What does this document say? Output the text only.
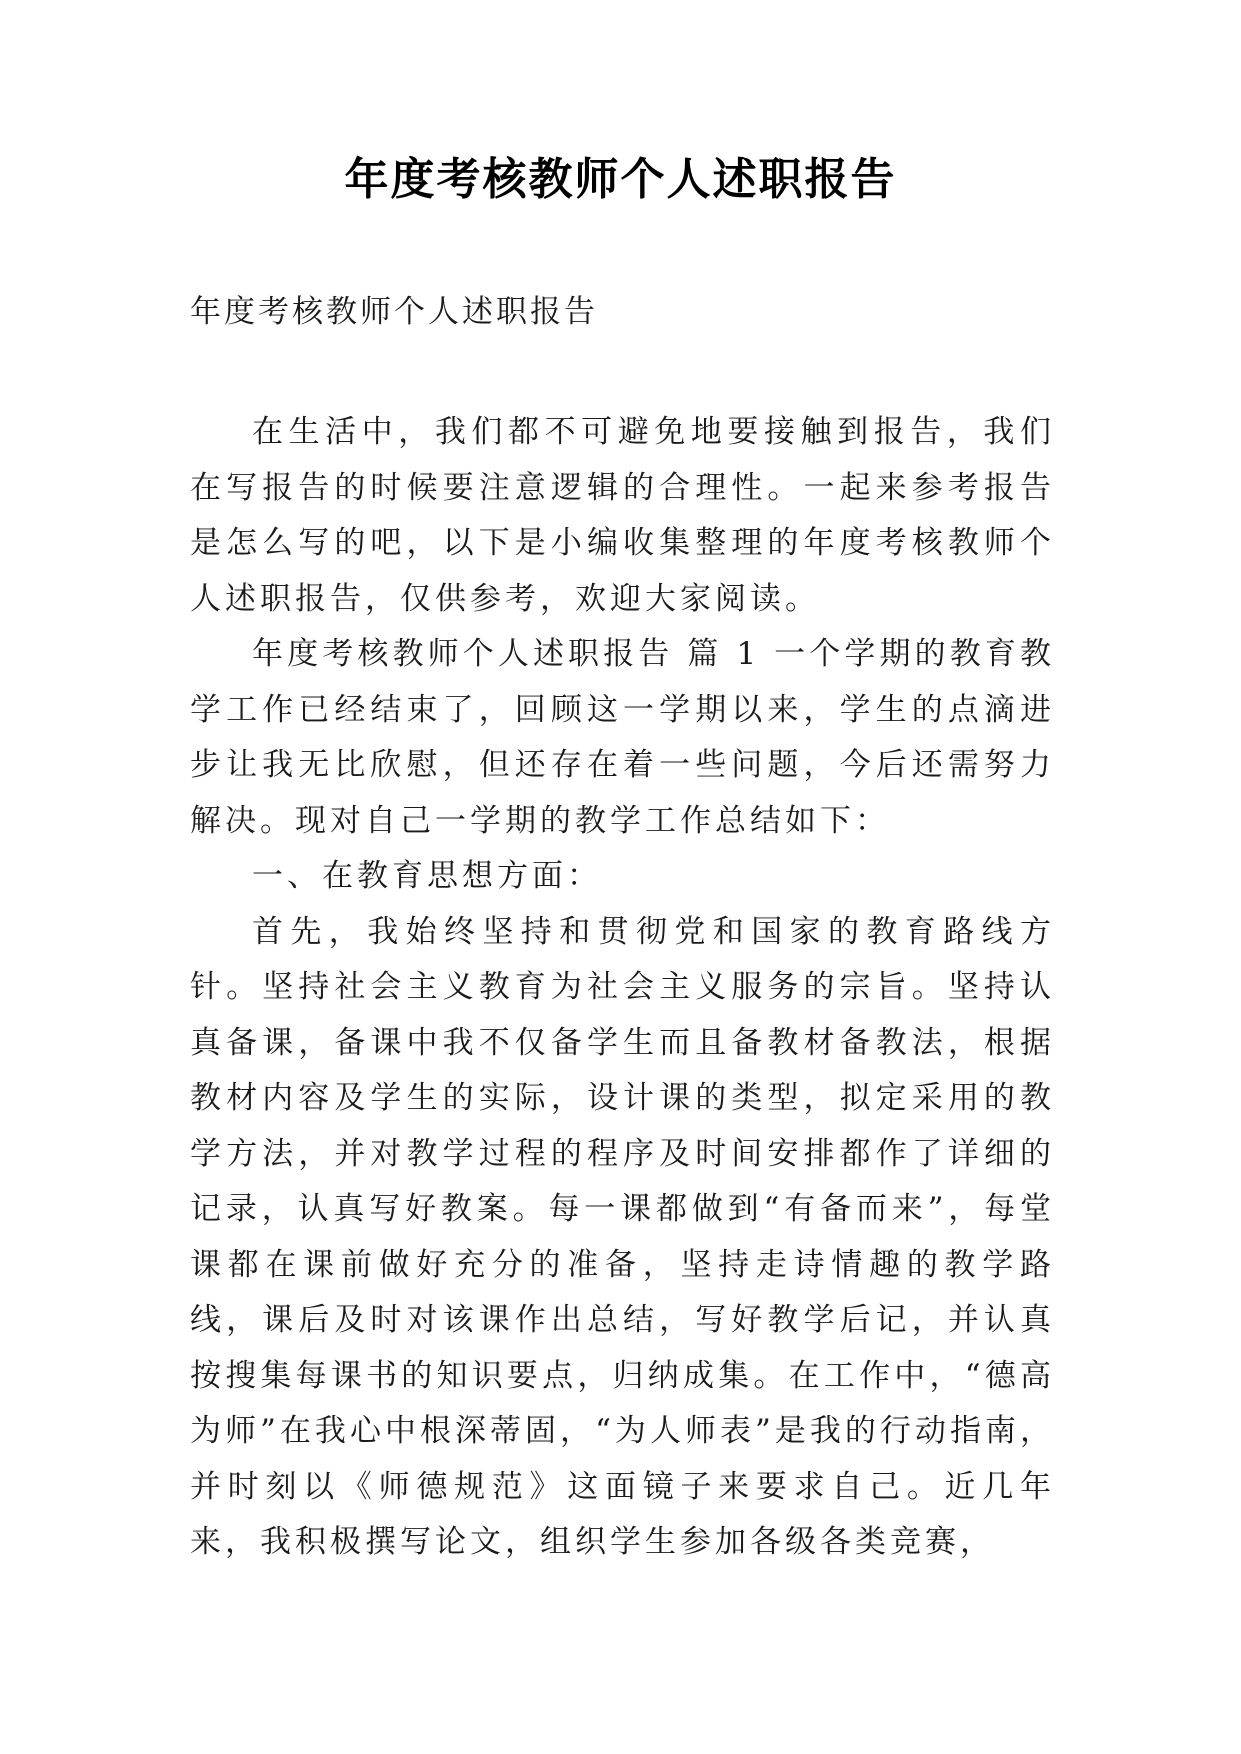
年度考核教师个人述职报告

年度考核教师个人述职报告

在生活中，我们都不可避免地要接触到报告，我们在写报告的时候要注意逻辑的合理性。一起来参考报告是怎么写的吧，以下是小编收集整理的年度考核教师个人述职报告，仅供参考，欢迎大家阅读。

年度考核教师个人述职报告 篇 1 一个学期的教育教学工作已经结束了，回顾这一学期以来，学生的点滴进步让我无比欣慰，但还存在着一些问题，今后还需努力解决。现对自己一学期的教学工作总结如下：

一、在教育思想方面：

首先，我始终坚持和贯彻党和国家的教育路线方针。坚持社会主义教育为社会主义服务的宗旨。坚持认真备课，备课中我不仅备学生而且备教材备教法，根据教材内容及学生的实际，设计课的类型，拟定采用的教学方法，并对教学过程的程序及时间安排都作了详细的记录，认真写好教案。每一课都做到“有备而来”，每堂课都在课前做好充分的准备，坚持走诗情趣的教学路线，课后及时对该课作出总结，写好教学后记，并认真按搜集每课书的知识要点，归纳成集。在工作中，“德高为师”在我心中根深蒂固，“为人师表”是我的行动指南，并时刻以《师德规范》这面镜子来要求自己。近几年来，我积极撰写论文，组织学生参加各级各类竞赛，
